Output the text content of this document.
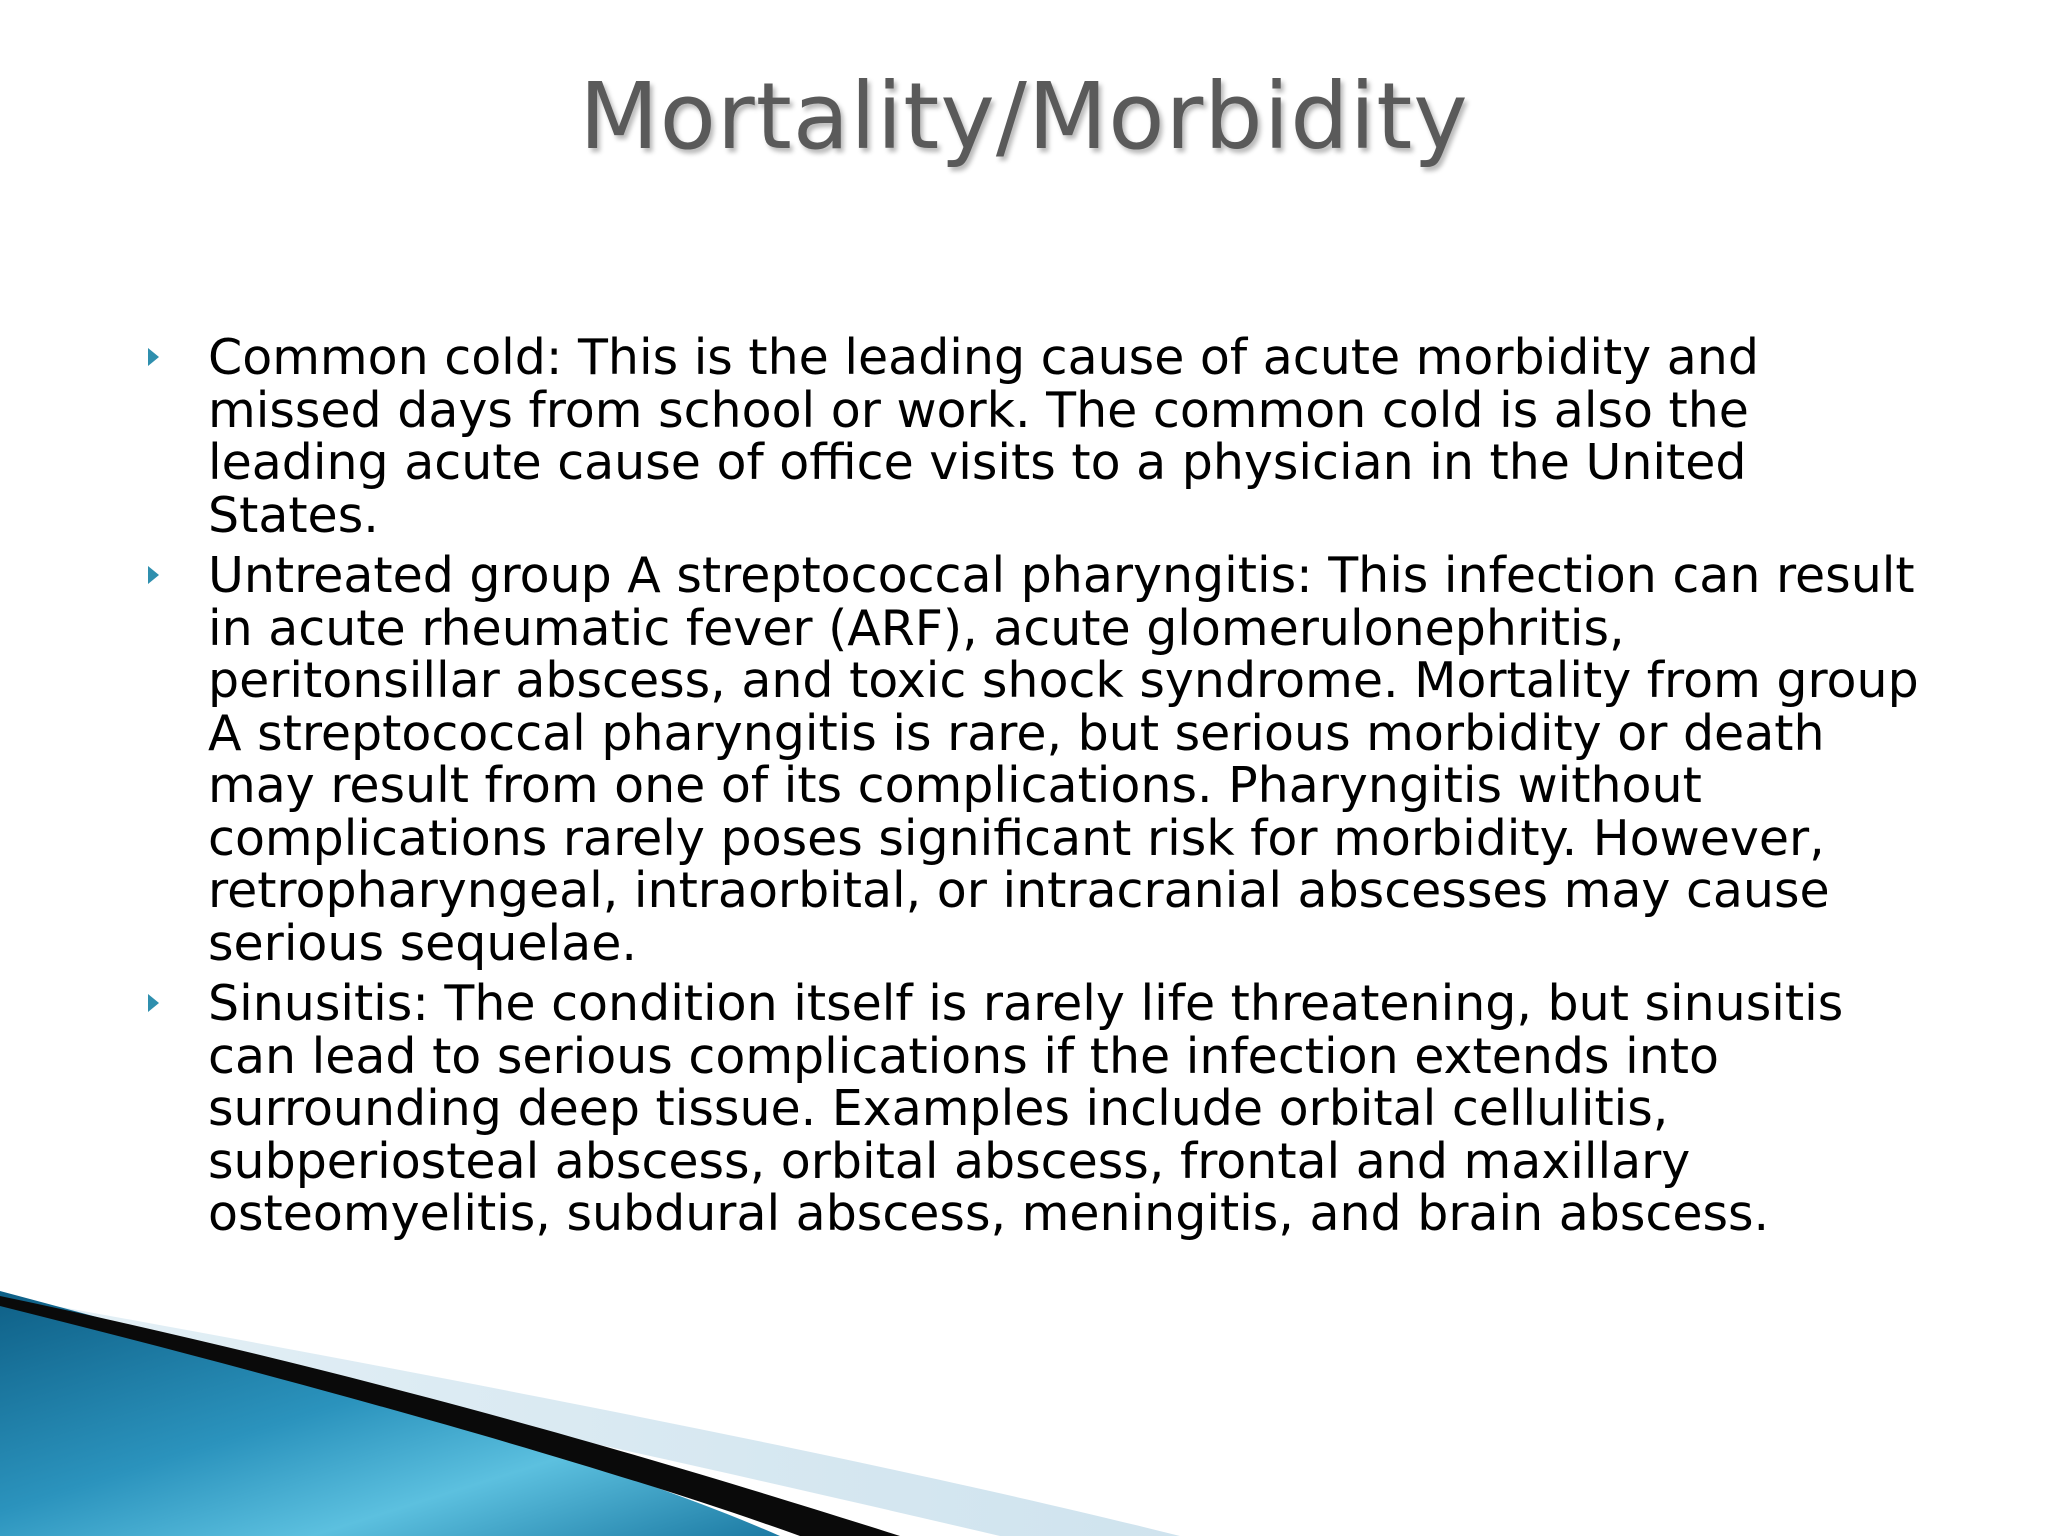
Mortality/Morbidity
Common cold: This is the leading cause of acute morbidity and missed days from school or work. The common cold is also the leading acute cause of office visits to a physician in the United States.
Untreated group A streptococcal pharyngitis: This infection can result in acute rheumatic fever (ARF), acute glomerulonephritis, peritonsillar abscess, and toxic shock syndrome. Mortality from group A streptococcal pharyngitis is rare, but serious morbidity or death may result from one of its complications. Pharyngitis without complications rarely poses significant risk for morbidity. However, retropharyngeal, intraorbital, or intracranial abscesses may cause serious sequelae.
Sinusitis: The condition itself is rarely life threatening, but sinusitis can lead to serious complications if the infection extends into surrounding deep tissue. Examples include orbital cellulitis, subperiosteal abscess, orbital abscess, frontal and maxillary osteomyelitis, subdural abscess, meningitis, and brain abscess.
